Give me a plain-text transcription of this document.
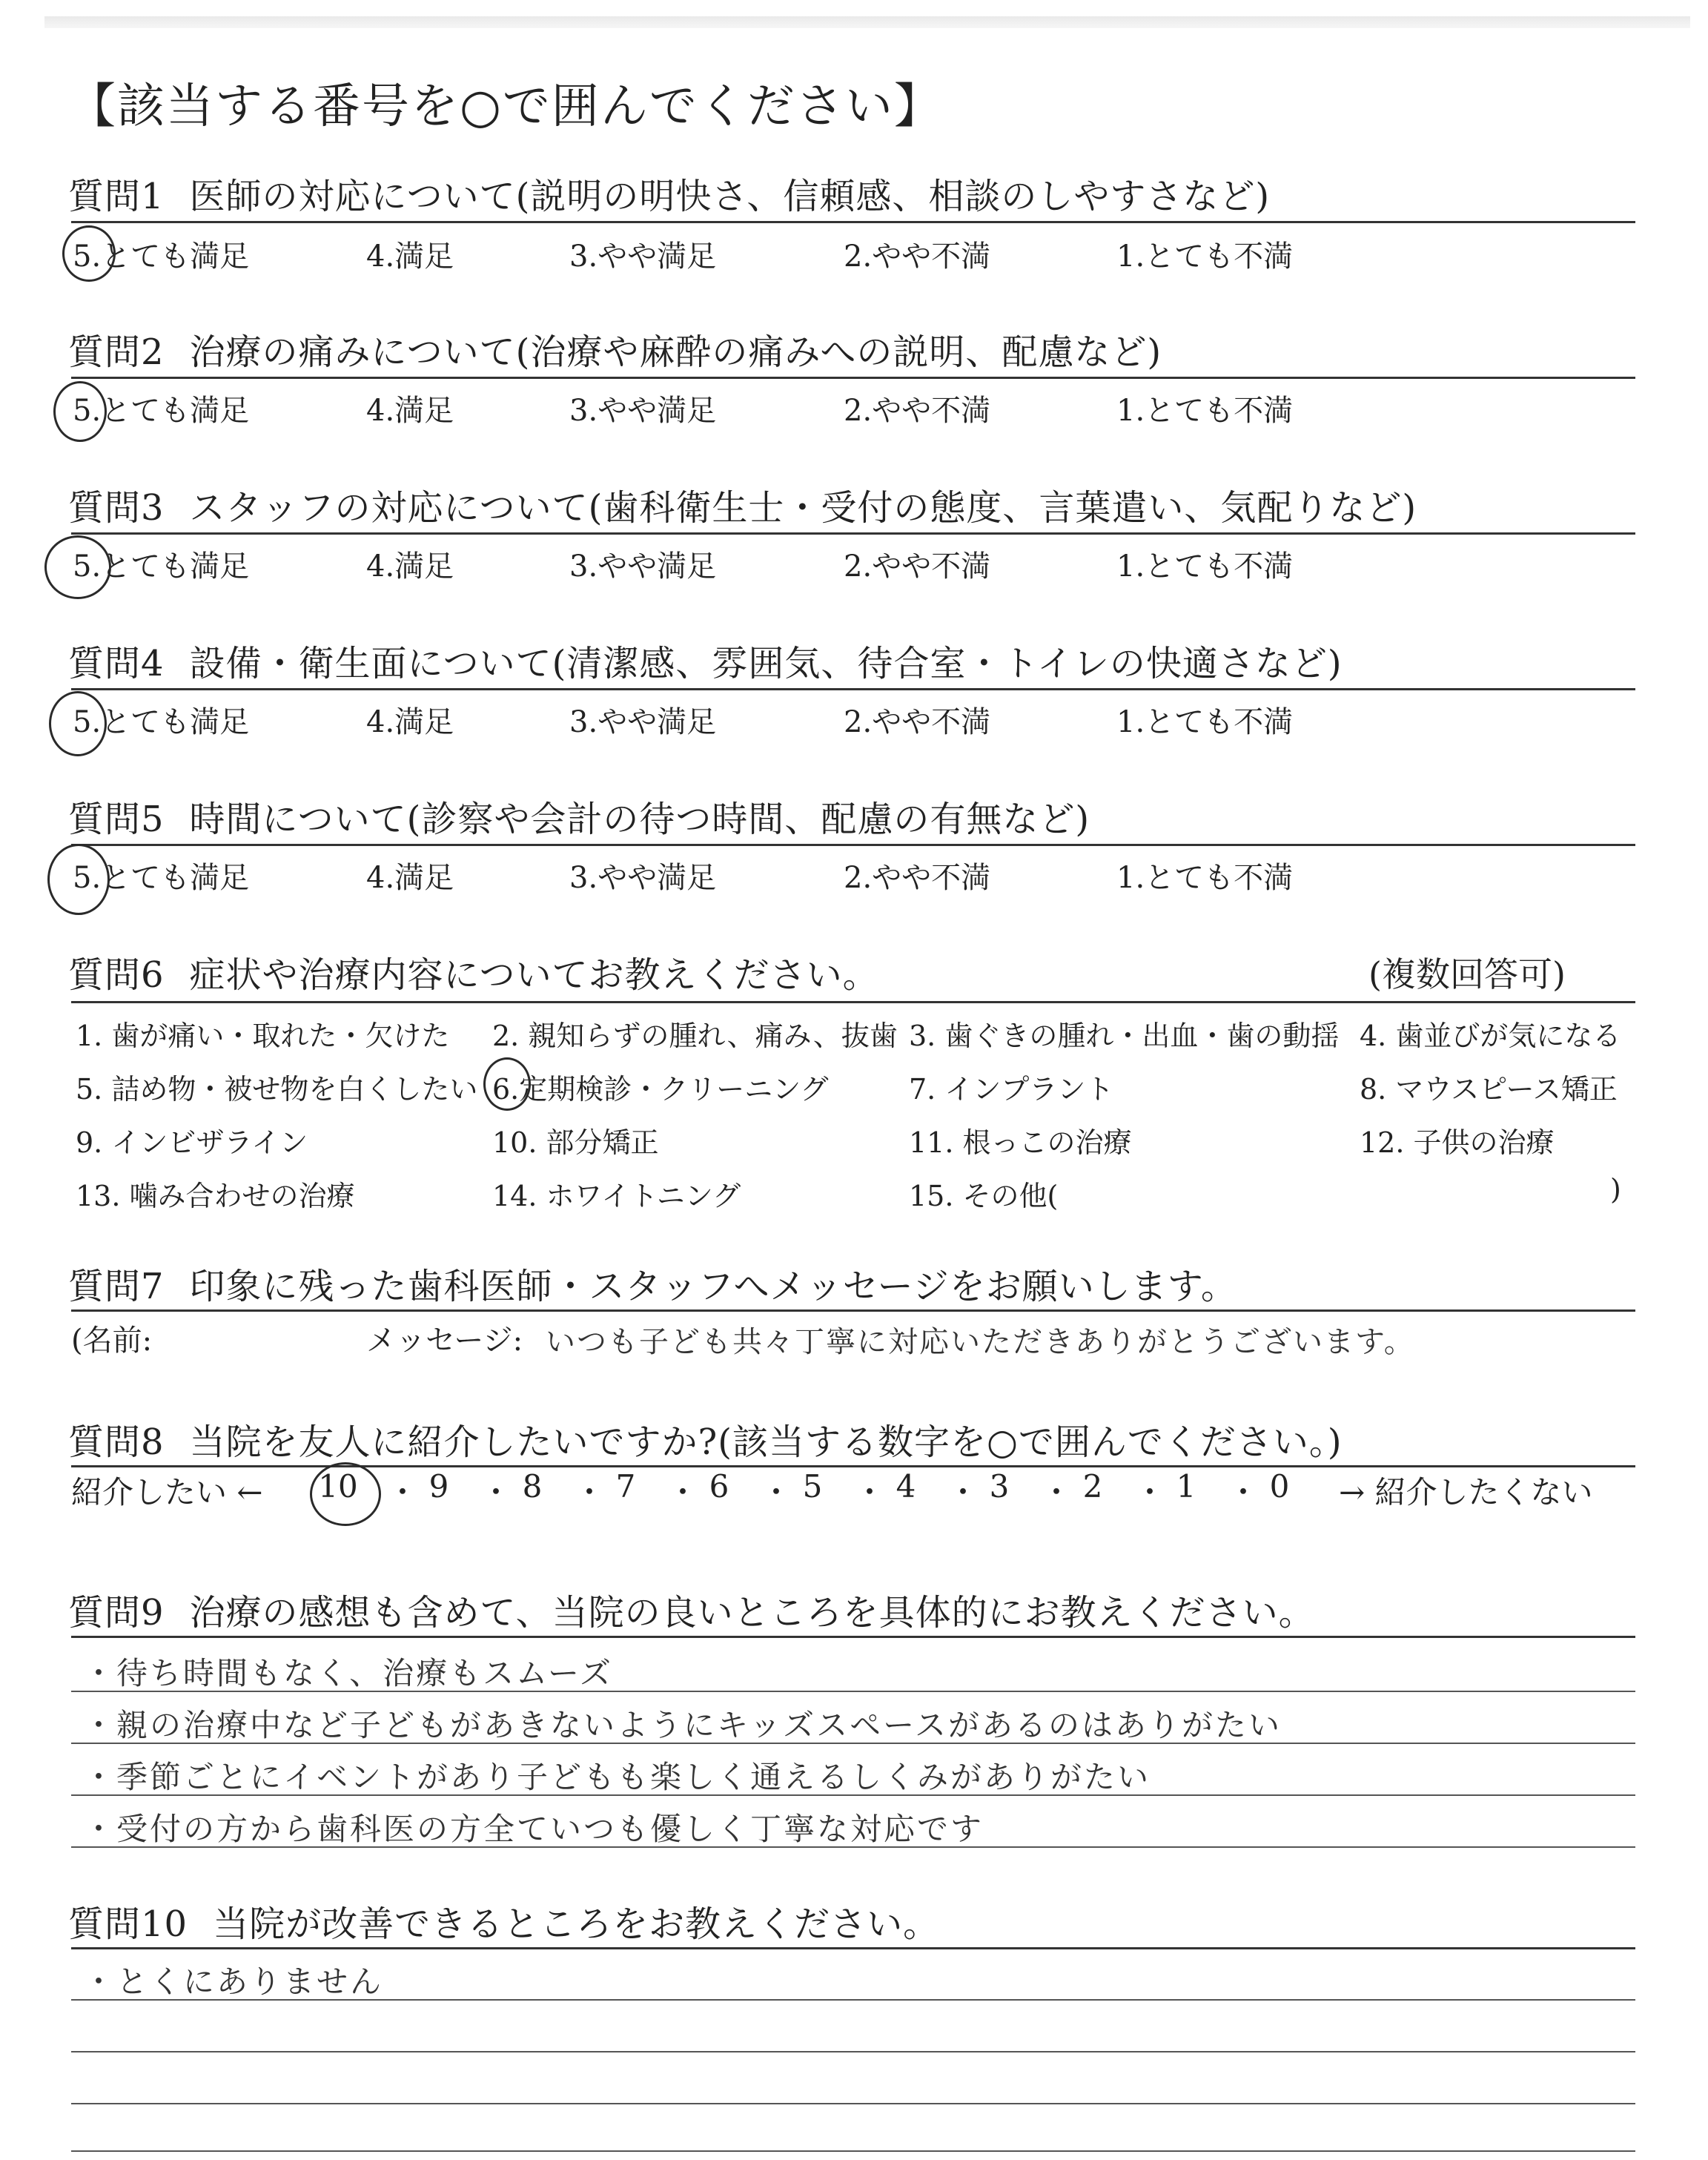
【該当する番号を○で囲んでください】
質問1 医師の対応について(説明の明快さ、信頼感、相談のしやすさなど)
5.とても満足	4.満足	3.やや満足	2.やや不満	1.とても不満
質問2 治療の痛みについて(治療や麻酔の痛みへの説明、配慮など)
5.とても満足	4.満足	3.やや満足	2.やや不満	1.とても不満
質問3 スタッフの対応について(歯科衛生士・受付の態度、言葉遣い、気配りなど)
5.とても満足	4.満足	3.やや満足	2.やや不満	1.とても不満
質問4 設備・衛生面について(清潔感、雰囲気、待合室・トイレの快適さなど)
5.とても満足	4.満足	3.やや満足	2.やや不満	1.とても不満
質問5 時間について(診察や会計の待つ時間、配慮の有無など)
5.とても満足	4.満足	3.やや満足	2.やや不満	1.とても不満
質問6 症状や治療内容についてお教えください。	(複数回答可)
1. 歯が痛い・取れた・欠けた 2. 親知らずの腫れ、痛み、抜歯 3. 歯ぐきの腫れ・出血・歯の動揺 4. 歯並びが気になる
5. 詰め物・被せ物を白くしたい 6.定期検診・クリーニング	7. インプラント	8. マウスピース矯正
9. インビザライン	10. 部分矯正	11. 根っこの治療	12. 子供の治療
13. 噛み合わせの治療	14. ホワイトニング	15. その他(	)
質問7 印象に残った歯科医師・スタッフへメッセージをお願いします。
(名前:	メッセージ: いつも子ども共々丁寧に対応いただきありがとうございます。
質問8 当院を友人に紹介したいですか?(該当する数字を○で囲んでください。)
紹介したい ← 10 ・ 9	・ 8	・ 7	・ 6	・ 5	・ 4	・ 3	・ 2	・ 1	・ 0	→ 紹介したくない
質問9 治療の感想も含めて、当院の良いところを具体的にお教えください。
・待ち時間もなく、治療もスムーズ
・親の治療中など子どもがあきないようにキッズスペースがあるのはありがたい
・季節ごとにイベントがあり子どもも楽しく通えるしくみがありがたい
・受付の方から歯科医の方全ていつも優しく丁寧な対応です
質問10 当院が改善できるところをお教えください。
・とくにありません
